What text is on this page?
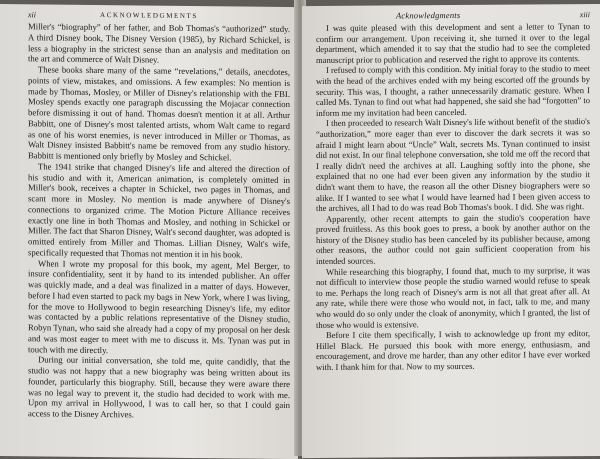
xii	ACKNOWLEDGMENTS

Miller's “biography” of her father, and Bob Thomas's “authorized” study. A third Disney book, The Disney Version (1985), by Richard Schickel, is less a biography in the strictest sense than an analysis and meditation on the art and commerce of Walt Disney.

These books share many of the same “revelations,” details, anecdotes, points of view, mistakes, and omissions. A few examples: No mention is made by Thomas, Mosley, or Miller of Disney's relationship with the FBI. Mosley spends exactly one paragraph discussing the Mojacar connection before dismissing it out of hand. Thomas doesn't mention it at all. Arthur Babbitt, one of Disney's most talented artists, whom Walt came to regard as one of his worst enemies, is never introduced in Miller or Thomas, as Walt Disney insisted Babbitt's name be removed from any studio history. Babbitt is mentioned only briefly by Mosley and Schickel.

The 1941 strike that changed Disney's life and altered the direction of his studio and with it, American animation, is completely omitted in Miller's book, receives a chapter in Schickel, two pages in Thomas, and scant more in Mosley. No mention is made anywhere of Disney's connections to organized crime. The Motion Picture Alliance receives exactly one line in both Thomas and Mosley, and nothing in Schickel or Miller. The fact that Sharon Disney, Walt's second daughter, was adopted is omitted entirely from Miller and Thomas. Lillian Disney, Walt's wife, specifically requested that Thomas not mention it in his book.

When I wrote my proposal for this book, my agent, Mel Berger, to insure confidentiality, sent it by hand to its intended publisher. An offer was quickly made, and a deal was finalized in a matter of days. However, before I had even started to pack my bags in New York, where I was living, for the move to Hollywood to begin researching Disney's life, my editor was contacted by a public relations representative of the Disney studio, Robyn Tynan, who said she already had a copy of my proposal on her desk and was most eager to meet with me to discuss it. Ms. Tynan was put in touch with me directly.

During our initial conversation, she told me, quite candidly, that the studio was not happy that a new biography was being written about its founder, particularly this biography. Still, because they were aware there was no legal way to prevent it, the studio had decided to work with me. Upon my arrival in Hollywood, I was to call her, so that I could gain access to the Disney Archives.

Acknowledgments	xiii

I was quite pleased with this development and sent a letter to Tynan to confirm our arrangement. Upon receiving it, she turned it over to the legal department, which amended it to say that the studio had to see the completed manuscript prior to publication and reserved the right to approve its contents.

I refused to comply with this condition. My initial foray to the studio to meet with the head of the archives ended with my being escorted off the grounds by security. This was, I thought, a rather unnecessarily dramatic gesture. When I called Ms. Tynan to find out what had happened, she said she had “forgotten” to inform me my invitation had been canceled.

I then proceeded to research Walt Disney's life without benefit of the studio's “authorization,” more eager than ever to discover the dark secrets it was so afraid I might learn about “Uncle” Walt, secrets Ms. Tynan continued to insist did not exist. In our final telephone conversation, she told me off the record that I really didn't need the archives at all. Laughing softly into the phone, she explained that no one had ever been given any information by the studio it didn't want them to have, the reason all the other Disney biographers were so alike. If I wanted to see what I would have learned had I been given access to the archives, all I had to do was read Bob Thomas's book. I did. She was right.

Apparently, other recent attempts to gain the studio's cooperation have proved fruitless. As this book goes to press, a book by another author on the history of the Disney studio has been canceled by its publisher because, among other reasons, the author could not gain sufficient cooperation from his intended sources.

While researching this biography, I found that, much to my surprise, it was not difficult to interview those people the studio warned would refuse to speak to me. Perhaps the long reach of Disney's arm is not all that great after all. At any rate, while there were those who would not, in fact, talk to me, and many who would do so only under the cloak of anonymity, which I granted, the list of those who would is extensive.

Before I cite them specifically, I wish to acknowledge up front my editor, Hillel Black. He pursued this book with more energy, enthusiasm, and encouragement, and drove me harder, than any other editor I have ever worked with. I thank him for that. Now to my sources.
